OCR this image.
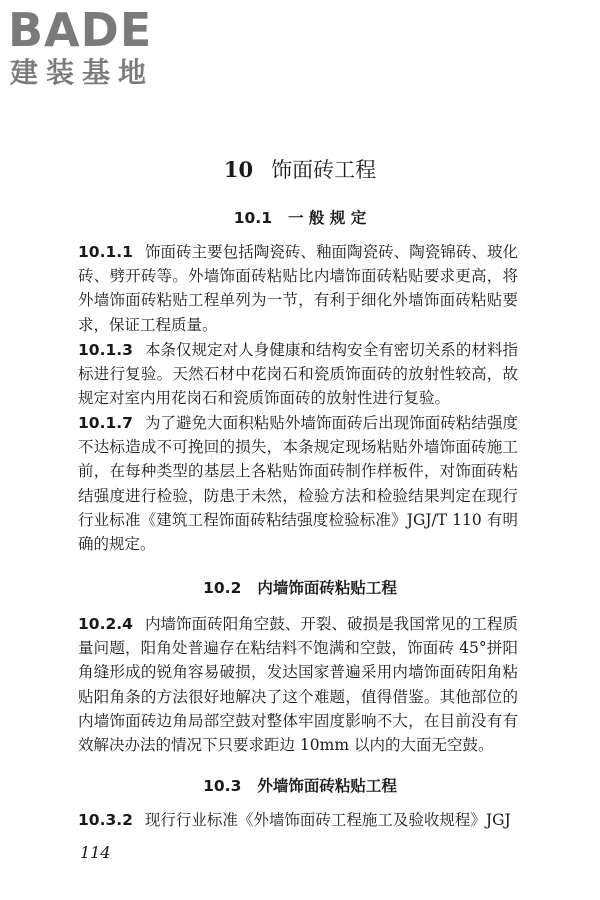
BADE
建装基地
10 饰面砖工程
10.1 一 般 规 定
10.1.1 饰面砖主要包括陶瓷砖、釉面陶瓷砖、陶瓷锦砖、玻化砖、劈开砖等。外墙饰面砖粘贴比内墙饰面砖粘贴要求更高，将外墙饰面砖粘贴工程单列为一节，有利于细化外墙饰面砖粘贴要求，保证工程质量。
10.1.3 本条仅规定对人身健康和结构安全有密切关系的材料指标进行复验。天然石材中花岗石和瓷质饰面砖的放射性较高，故规定对室内用花岗石和瓷质饰面砖的放射性进行复验。
10.1.7 为了避免大面积粘贴外墙饰面砖后出现饰面砖粘结强度不达标造成不可挽回的损失，本条规定现场粘贴外墙饰面砖施工前，在每种类型的基层上各粘贴饰面砖制作样板件，对饰面砖粘结强度进行检验，防患于未然，检验方法和检验结果判定在现行行业标准《建筑工程饰面砖粘结强度检验标准》JGJ/T 110 有明确的规定。
10.2 内墙饰面砖粘贴工程
10.2.4 内墙饰面砖阳角空鼓、开裂、破损是我国常见的工程质量问题，阳角处普遍存在粘结料不饱满和空鼓，饰面砖 45°拼阳角缝形成的锐角容易破损，发达国家普遍采用内墙饰面砖阳角粘贴阳角条的方法很好地解决了这个难题，值得借鉴。其他部位的内墙饰面砖边角局部空鼓对整体牢固度影响不大，在目前没有有效解决办法的情况下只要求距边 10mm 以内的大面无空鼓。
10.3 外墙饰面砖粘贴工程
10.3.2 现行行业标准《外墙饰面砖工程施工及验收规程》JGJ
114
